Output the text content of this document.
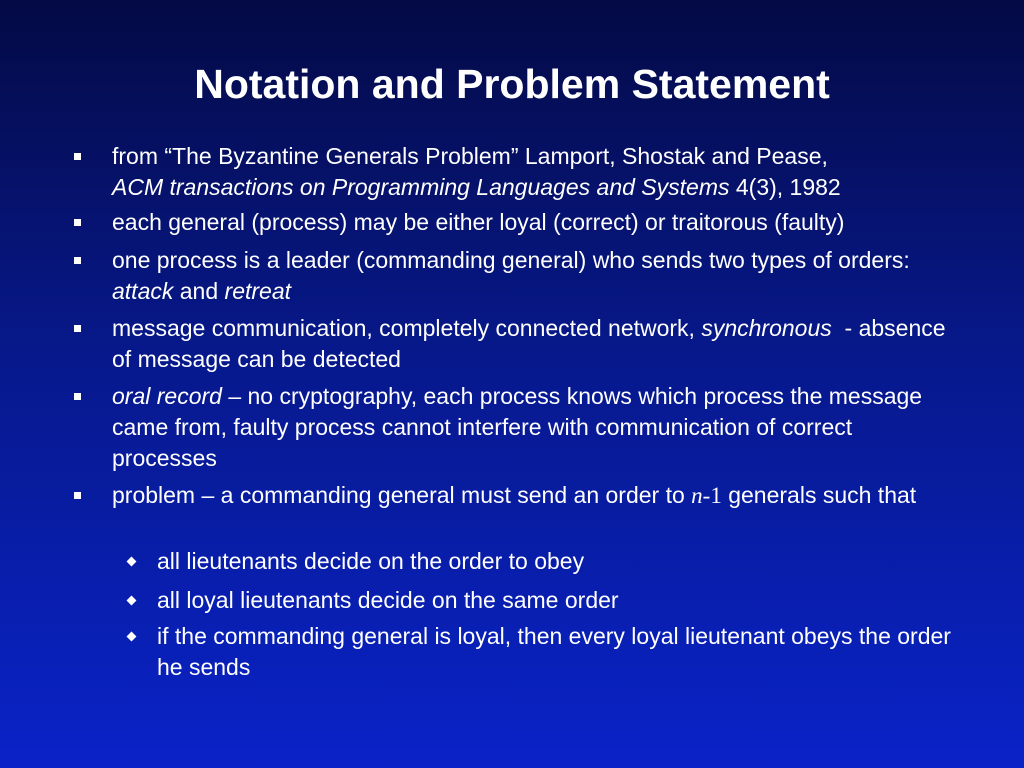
Notation and Problem Statement
from “The Byzantine Generals Problem” Lamport, Shostak and Pease,
ACM transactions on Programming Languages and Systems 4(3), 1982
each general (process) may be either loyal (correct) or traitorous (faulty)
one process is a leader (commanding general) who sends two types of orders: attack and retreat
message communication, completely connected network, synchronous  - absence of message can be detected
oral record – no cryptography, each process knows which process the message came from, faulty process cannot interfere with communication of correct processes
problem – a commanding general must send an order to n-1 generals such that
all lieutenants decide on the order to obey
all loyal lieutenants decide on the same order
if the commanding general is loyal, then every loyal lieutenant obeys the order he sends
